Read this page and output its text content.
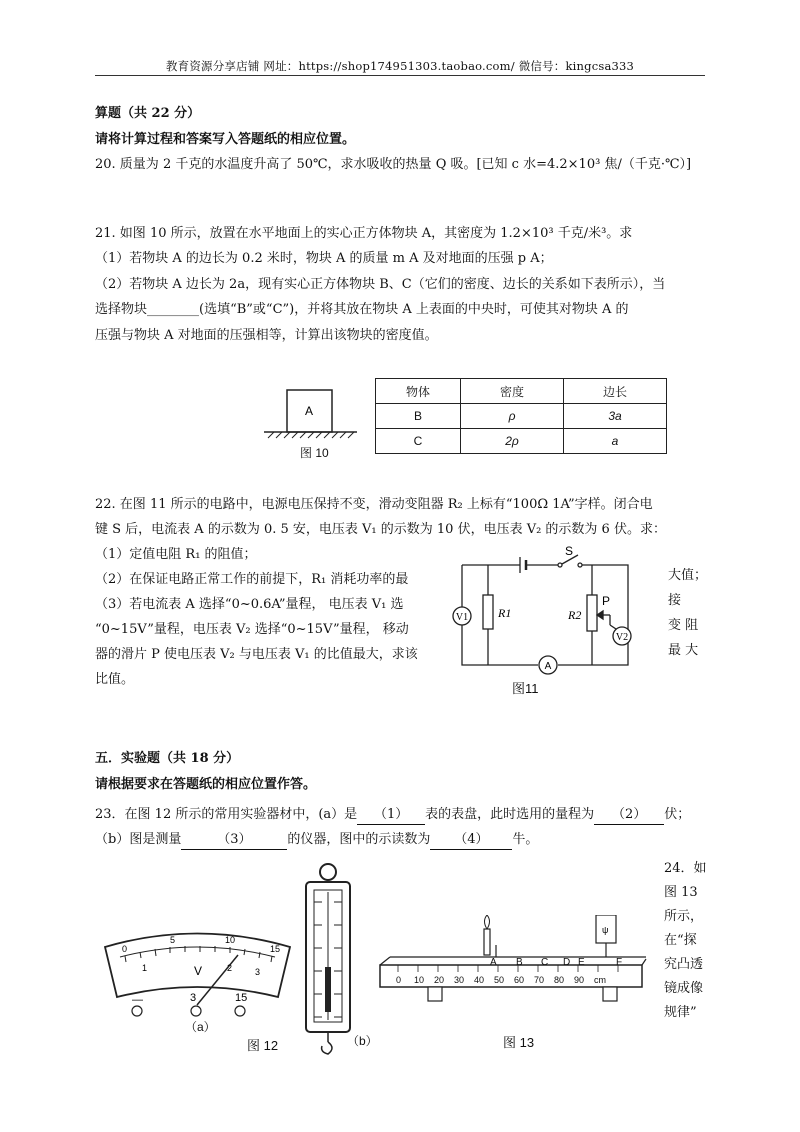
教育资源分享店铺 网址：https://shop174951303.taobao.com/ 微信号：kingcsa333
算题（共 22 分）
请将计算过程和答案写入答题纸的相应位置。
20. 质量为 2 千克的水温度升高了 50℃，求水吸收的热量 Q 吸。[已知 c 水=4.2×10³ 焦/（千克·℃）]
21. 如图 10 所示，放置在水平地面上的实心正方体物块 A，其密度为 1.2×10³ 千克/米³。求
（1）若物块 A 的边长为 0.2 米时，物块 A 的质量 m A 及对地面的压强 p A；
（2）若物块 A 边长为 2a，现有实心正方体物块 B、C（它们的密度、边长的关系如下表所示），当
选择物块________(选填“B”或“C”)，并将其放在物块 A 上表面的中央时，可使其对物块 A 的
压强与物块 A 对地面的压强相等，计算出该物块的密度值。
A
图 10
物体	密度	边长
B	ρ	3a
C	2ρ	a
22. 在图 11 所示的电路中，电源电压保持不变，滑动变阻器 R₂ 上标有“100Ω 1A”字样。闭合电
键 S 后，电流表 A 的示数为 0. 5 安，电压表 V₁ 的示数为 10 伏，电压表 V₂ 的示数为 6 伏。求：
（1）定值电阻 R₁ 的阻值；
（2）在保证电路正常工作的前提下，R₁ 消耗功率的最
（3）若电流表 A 选择“0~0.6A”量程， 电压表 V₁ 选
“0~15V”量程，电压表 V₂ 选择“0~15V”量程， 移动
器的滑片 P 使电压表 V₂ 与电压表 V₁ 的比值最大，求该
比值。
大值；
接
变 阻
最 大
V1
V2
A
S
P
R1	R2
图11
五．实验题（共 18 分）
请根据要求在答题纸的相应位置作答。
23．在图 12 所示的常用实验器材中，(a）是 （1） 表的表盘，此时选用的量程为 （2） 伏；
（b）图是测量	（3）	的仪器，图中的示读数为 （4） 牛。
24．如
图 13
所示，
在“探
究凸透
镜成像
规律”
0
5	10
15
1	2	3
V
—	3	15
（a）
（b）
图 12
0 10 20 30 40 50 60 70 80 90 cm
ψ
A B C D E	F
图 13
